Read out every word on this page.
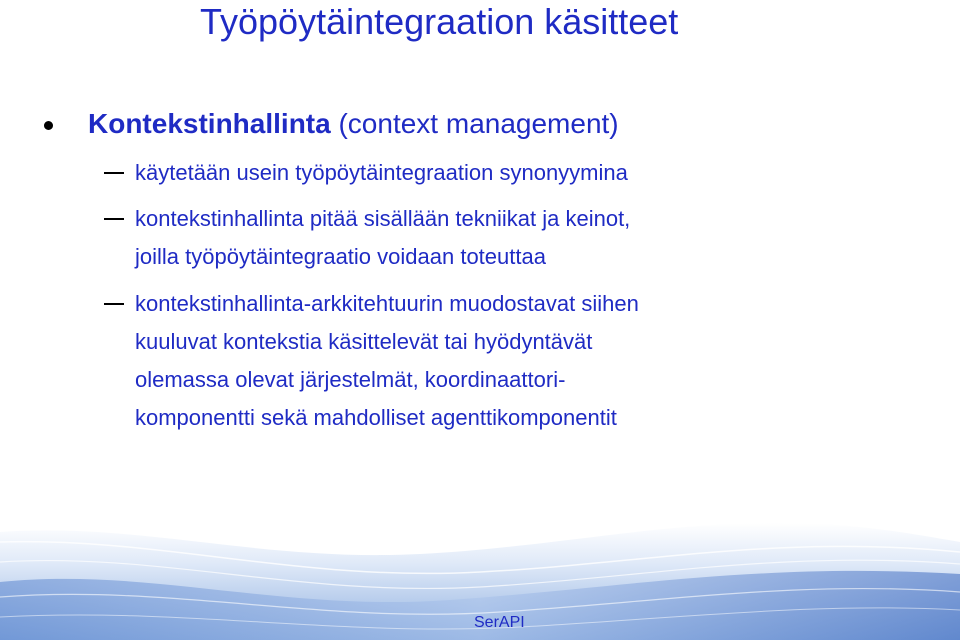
Työpöytäintegraation käsitteet
Kontekstinhallinta (context management)
käytetään usein työpöytäintegraation synonyymina
kontekstinhallinta pitää sisällään tekniikat ja keinot,
joilla työpöytäintegraatio voidaan toteuttaa
kontekstinhallinta-arkkitehtuurin muodostavat siihen
kuuluvat kontekstia käsittelevät tai hyödyntävät
olemassa olevat järjestelmät, koordinaattori-
komponentti sekä mahdolliset agenttikomponentit
SerAPI
